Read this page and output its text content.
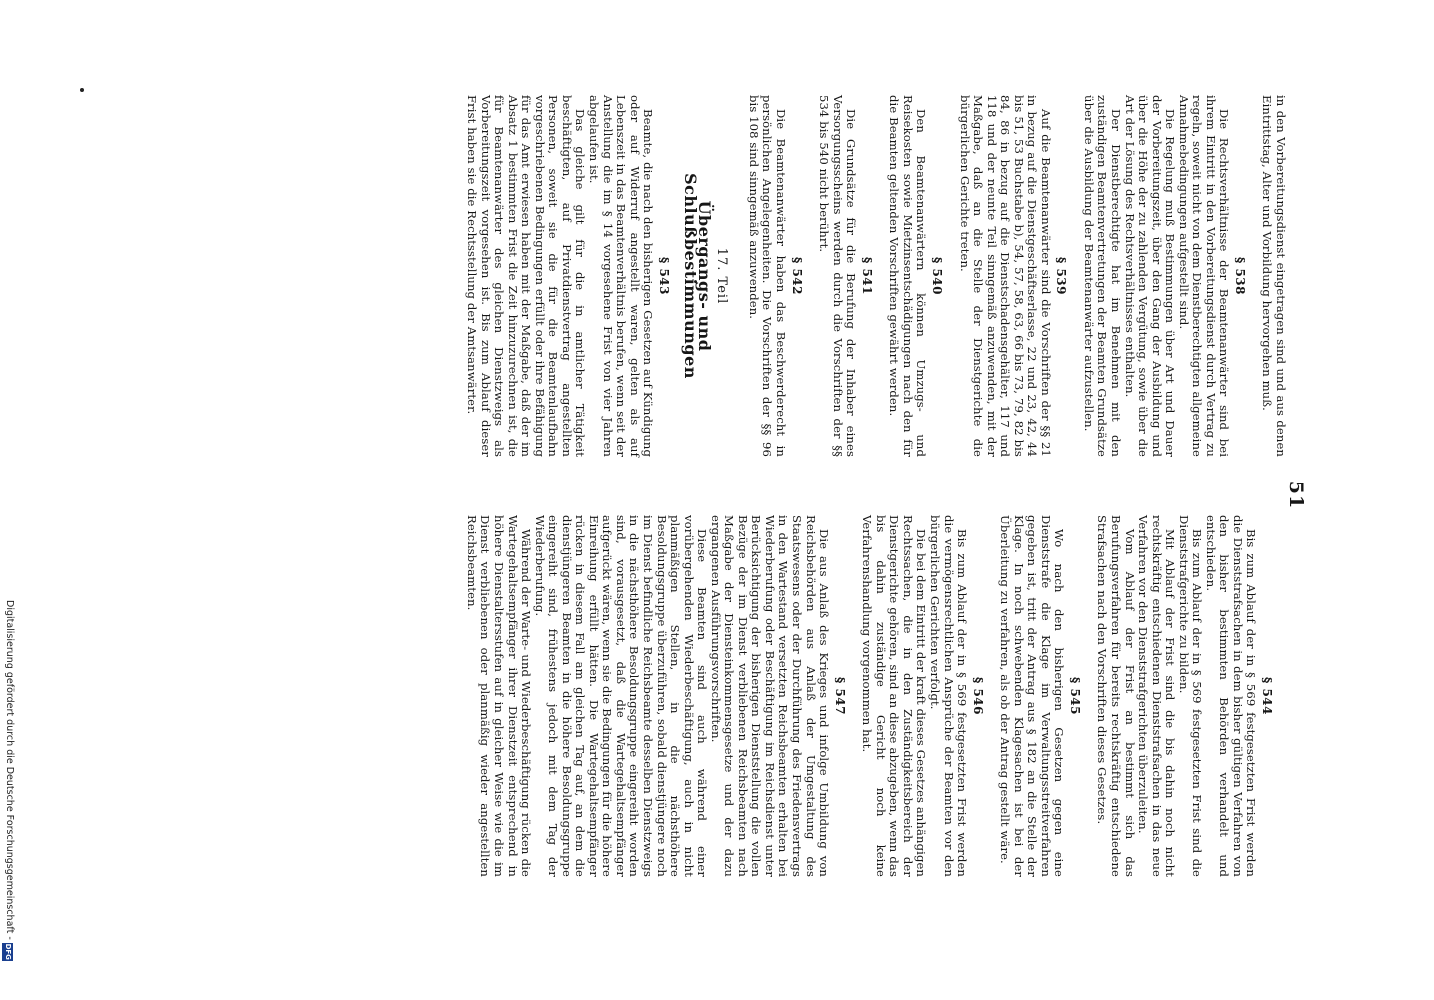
51

in den Vorbereitungsdienst eingetragen sind und aus denen Eintrittstag, Alter und Vorbildung hervorgehen muß.

§ 538

Die Rechtsverhältnisse der Beamtenanwärter sind bei ihrem Eintritt in den Vorbereitungsdienst durch Vertrag zu regeln, soweit nicht von dem Dienstberechtigten allgemeine Annahmebedingungen aufgestellt sind.

Die Regelung muß Bestimmungen über Art und Dauer der Vorbereitungszeit, über den Gang der Ausbildung und über die Höhe der zu zahlenden Vergütung, sowie über die Art der Lösung des Rechtsverhältnisses enthalten.

Der Dienstberechtigte hat im Benehmen mit den zuständigen Beamtenvertretungen der Beamten Grundsätze über die Ausbildung der Beamtenanwärter aufzustellen.

§ 539

Auf die Beamtenanwärter sind die Vorschriften der §§ 21 in bezug auf die Dienstgeschäftserlasse, 22 und 23, 42, 44 bis 51, 53 Buchstabe b), 54, 57, 58, 63, 66 bis 73, 79, 82 bis 84, 86 in bezug auf die Dienstschadensgehälter, 117 und 118 und der neunte Teil sinngemäß anzuwenden, mit der Maßgabe, daß an die Stelle der Dienstgerichte die bürgerlichen Gerichte treten.

§ 540

Den Beamtenanwärtern können Umzugs- und Reisekosten sowie Mietzinsentschädigungen nach den für die Beamten geltenden Vorschriften gewährt werden.

§ 541

Die Grundsätze für die Berufung der Inhaber eines Versorgungsscheins werden durch die Vorschriften der §§ 534 bis 540 nicht berührt.

§ 542

Die Beamtenanwärter haben das Beschwerderecht in persönlichen Angelegenheiten. Die Vorschriften der §§ 96 bis 108 sind sinngemäß anzuwenden.

17. Teil
Übergangs- und Schlußbestimmungen
§ 543

Beamte, die nach den bisherigen Gesetzen auf Kündigung oder auf Widerruf angestellt waren, gelten als auf Lebenszeit in das Beamtenverhältnis berufen, wenn seit der Anstellung die im § 14 vorgesehene Frist von vier Jahren abgelaufen ist.

Das gleiche gilt für die in amtlicher Tätigkeit beschäftigten, auf Privatdienstvertrag angestellten Personen, soweit sie die für die Beamtenlaufbahn vorgeschriebenen Bedingungen erfüllt oder ihre Befähigung für das Amt erwiesen haben mit der Maßgabe, daß der im Absatz 1 bestimmten Frist die Zeit hinzuzurechnen ist, die für Beamtenanwärter des gleichen Dienstzweigs als Vorbereitungszeit vorgesehen ist. Bis zum Ablauf dieser Frist haben sie die Rechtsstellung der Amtsanwärter.

§ 544

Bis zum Ablauf der in § 569 festgesetzten Frist werden die Dienststrafsachen in dem bisher gültigen Verfahren von den bisher bestimmten Behörden verhandelt und entschieden.

Bis zum Ablauf der in § 569 festgesetzten Frist sind die Dienststrafgerichte zu bilden.

Mit Ablauf der Frist sind die bis dahin noch nicht rechtskräftig entschiedenen Dienststrafsachen in das neue Verfahren vor den Dienststrafgerichten überzuleiten.

Vom Ablauf der Frist an bestimmt sich das Berufungsverfahren für bereits rechtskräftig entschiedene Strafsachen nach den Vorschriften dieses Gesetzes.

§ 545

Wo nach den bisherigen Gesetzen gegen eine Dienststrafe die Klage im Verwaltungsstreitverfahren gegeben ist, tritt der Antrag aus § 182 an die Stelle der Klage. In noch schwebenden Klagesachen ist bei der Überleitung zu verfahren, als ob der Antrag gestellt wäre.

§ 546

Bis zum Ablauf der in § 569 festgesetzten Frist werden die vermögensrechtlichen Ansprüche der Beamten vor den bürgerlichen Gerichten verfolgt.

Die bei dem Eintritt der kraft dieses Gesetzes anhängigen Rechtssachen, die in den Zuständigkeitsbereich der Dienstgerichte gehören, sind an diese abzugeben, wenn das bis dahin zuständige Gericht noch keine Verfahrenshandlung vorgenommen hat.

§ 547

Die aus Anlaß des Krieges und infolge Umbildung von Reichsbehörden aus Anlaß der Umgestaltung des Staatswesens oder der Durchführung des Friedensvertrags in den Wartestand versetzten Reichsbeamten erhalten bei Wiederberufung oder Beschäftigung im Reichsdienst unter Berücksichtigung der bisherigen Dienststellung die vollen Bezüge der im Dienst verbliebenen Reichsbeamten nach Maßgabe der Diensteinkommensgesetze und der dazu ergangenen Ausführungsvorschriften.

Diese Beamten sind auch während einer vorübergehenden Wiederbeschäftigung, auch in nicht planmäßigen Stellen, in die nächsthöhere Besoldungsgruppe überzuführen, sobald dienstjüngere noch im Dienst befindliche Reichsbeamte desselben Dienstzweigs in die nächsthöhere Besoldungsgruppe eingereiht worden sind, vorausgesetzt, daß die Wartegehaltsempfänger aufgerückt wären, wenn sie die Bedingungen für die höhere Einreihung erfüllt hätten. Die Wartegehaltsempfänger rücken in diesem Fall am gleichen Tag auf, an dem die dienstjüngeren Beamten in die höhere Besoldungsgruppe eingereiht sind, frühestens jedoch mit dem Tag der Wiederberufung.

Während der Warte- und Wiederbeschäftigung rücken die Wartegehaltsempfänger ihrer Dienstzeit entsprechend in höhere Dienstaltersstufen auf in gleicher Weise wie die im Dienst verbliebenen oder planmäßig wieder angestellten Reichsbeamten.

Digitalisierung gefördert durch die Deutsche Forschungsgemeinschaft -DFG
